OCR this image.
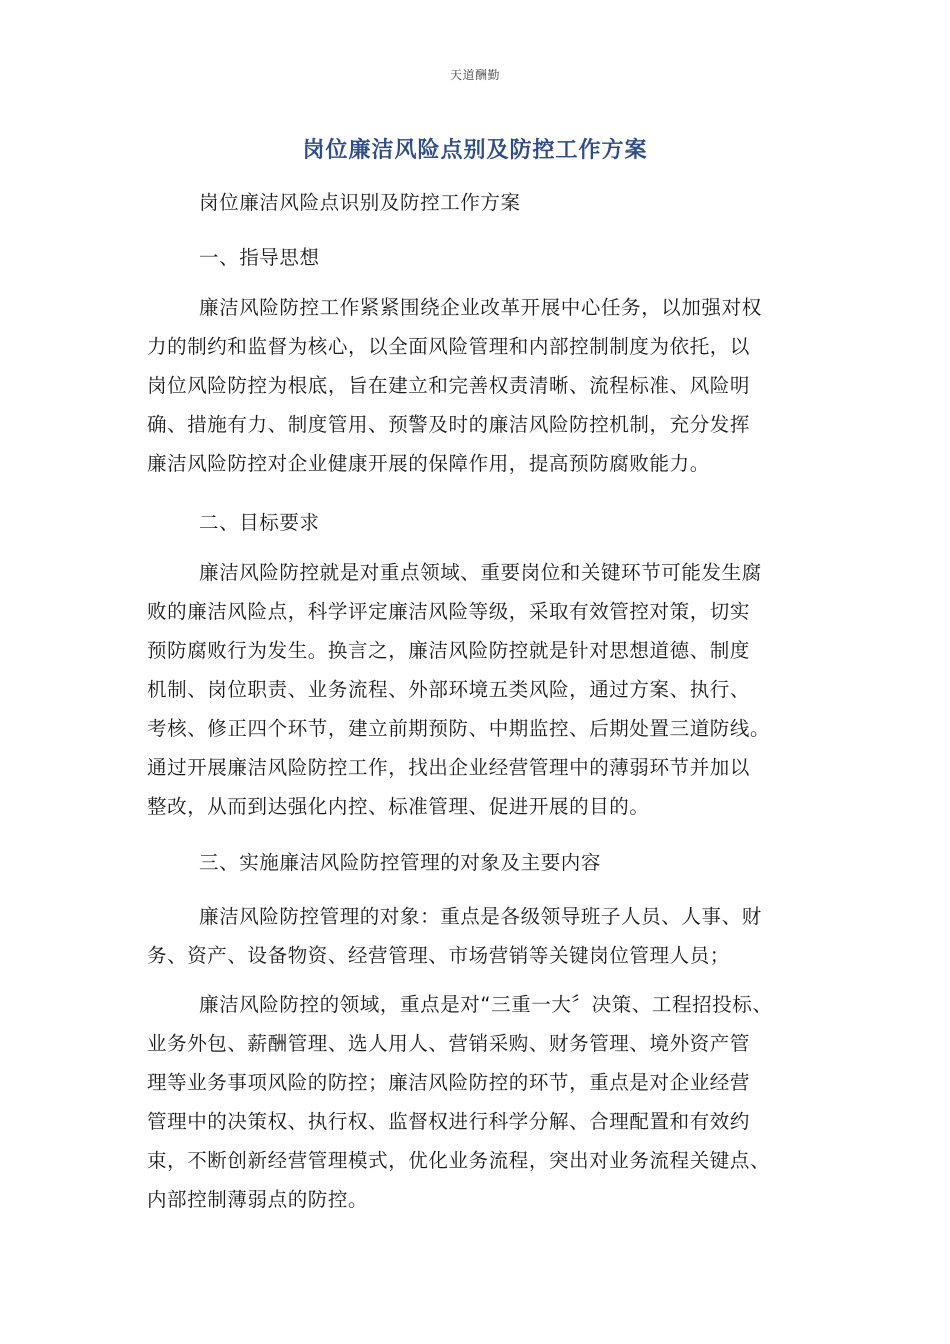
天道酬勤
岗位廉洁风险点别及防控工作方案

岗位廉洁风险点识别及防控工作方案

一、指导思想

廉洁风险防控工作紧紧围绕企业改革开展中心任务，以加强对权
力的制约和监督为核心，以全面风险管理和内部控制制度为依托，以
岗位风险防控为根底，旨在建立和完善权责清晰、流程标准、风险明
确、措施有力、制度管用、预警及时的廉洁风险防控机制，充分发挥
廉洁风险防控对企业健康开展的保障作用，提高预防腐败能力。

二、目标要求

廉洁风险防控就是对重点领域、重要岗位和关键环节可能发生腐
败的廉洁风险点，科学评定廉洁风险等级，采取有效管控对策，切实
预防腐败行为发生。换言之，廉洁风险防控就是针对思想道德、制度
机制、岗位职责、业务流程、外部环境五类风险，通过方案、执行、
考核、修正四个环节，建立前期预防、中期监控、后期处置三道防线。
通过开展廉洁风险防控工作，找出企业经营管理中的薄弱环节并加以
整改，从而到达强化内控、标准管理、促进开展的目的。

三、实施廉洁风险防控管理的对象及主要内容

廉洁风险防控管理的对象：重点是各级领导班子人员、人事、财
务、资产、设备物资、经营管理、市场营销等关键岗位管理人员；
廉洁风险防控的领域，重点是对“三重一大〞决策、工程招投标、
业务外包、薪酬管理、选人用人、营销采购、财务管理、境外资产管
理等业务事项风险的防控；廉洁风险防控的环节，重点是对企业经营
管理中的决策权、执行权、监督权进行科学分解、合理配置和有效约
束，不断创新经营管理模式，优化业务流程，突出对业务流程关键点、
内部控制薄弱点的防控。
